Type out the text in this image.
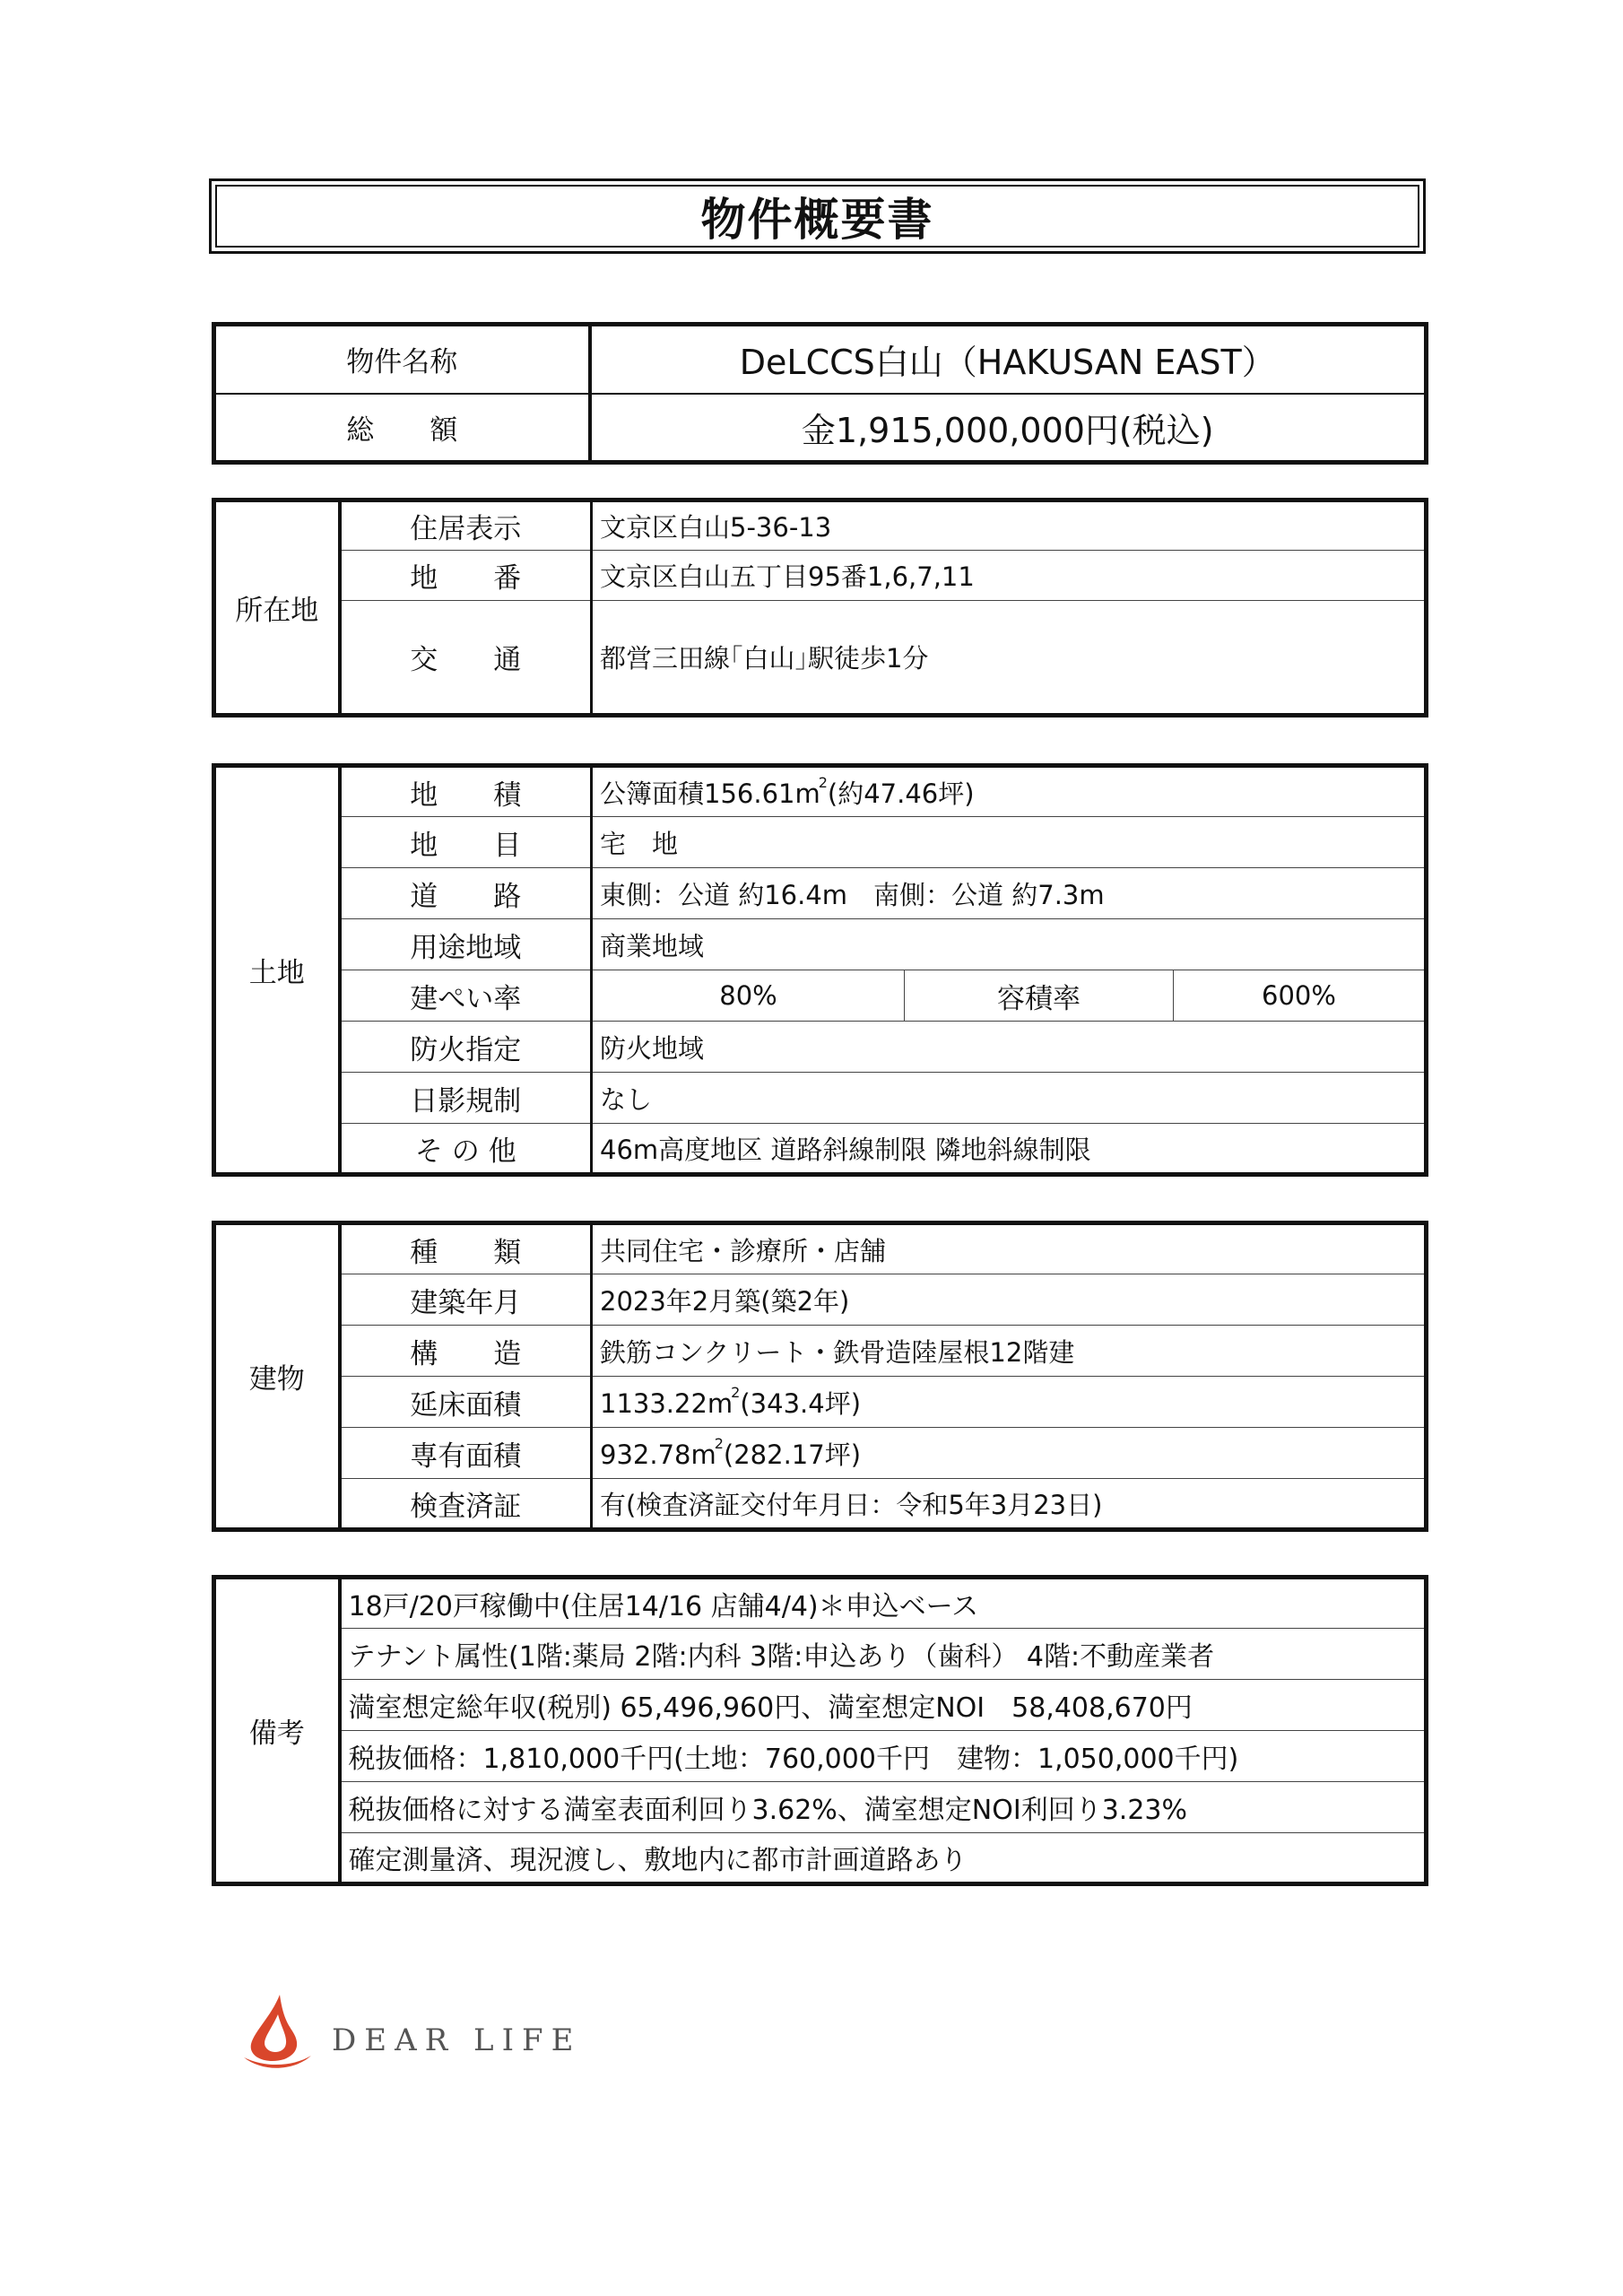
物件概要書
物件名称	DeLCCS白山（HAKUSAN EAST）
総　　額	金1,915,000,000円(税込)
所在地	住居表示	文京区白山5-36-13
	地　　番	文京区白山五丁目95番1,6,7,11
	交　　通	都営三田線｢白山｣駅徒歩1分
土地	地　　積	公簿面積$156.61m^2$(約47.46坪)		
	地　　目	宅　地		
	道　　路	東側：公道 約16.4m　南側：公道 約7.3m		
	用途地域	商業地域		
	建ぺい率	80%	容積率	600%
	防火指定	防火地域		
	日影規制	なし		
	そ の 他	46m高度地区 道路斜線制限 隣地斜線制限		
建物	種　　類	共同住宅・診療所・店舗
	建築年月	2023年2月築(築2年)
	構　　造	鉄筋コンクリート・鉄骨造陸屋根12階建
	延床面積	$1133.22m^2(343.4$坪)
	専有面積	$932.78m^2(282.17$坪)
	検査済証	有(検査済証交付年月日：令和5年3月23日)
備考	18戸/20戸稼働中(住居14/16 店舗4/4)＊申込ベース
テナント属性(1階:薬局 2階:内科 3階:申込あり（歯科） 4階:不動産業者
満室想定総年収(税別) 65,496,960円、満室想定NOI　58,408,670円
税抜価格：1,810,000千円(土地：760,000千円　建物：1,050,000千円)
税抜価格に対する満室表面利回り3.62%、満室想定NOI利回り3.23%
確定測量済、現況渡し、敷地内に都市計画道路あり
DEAR LIFE
